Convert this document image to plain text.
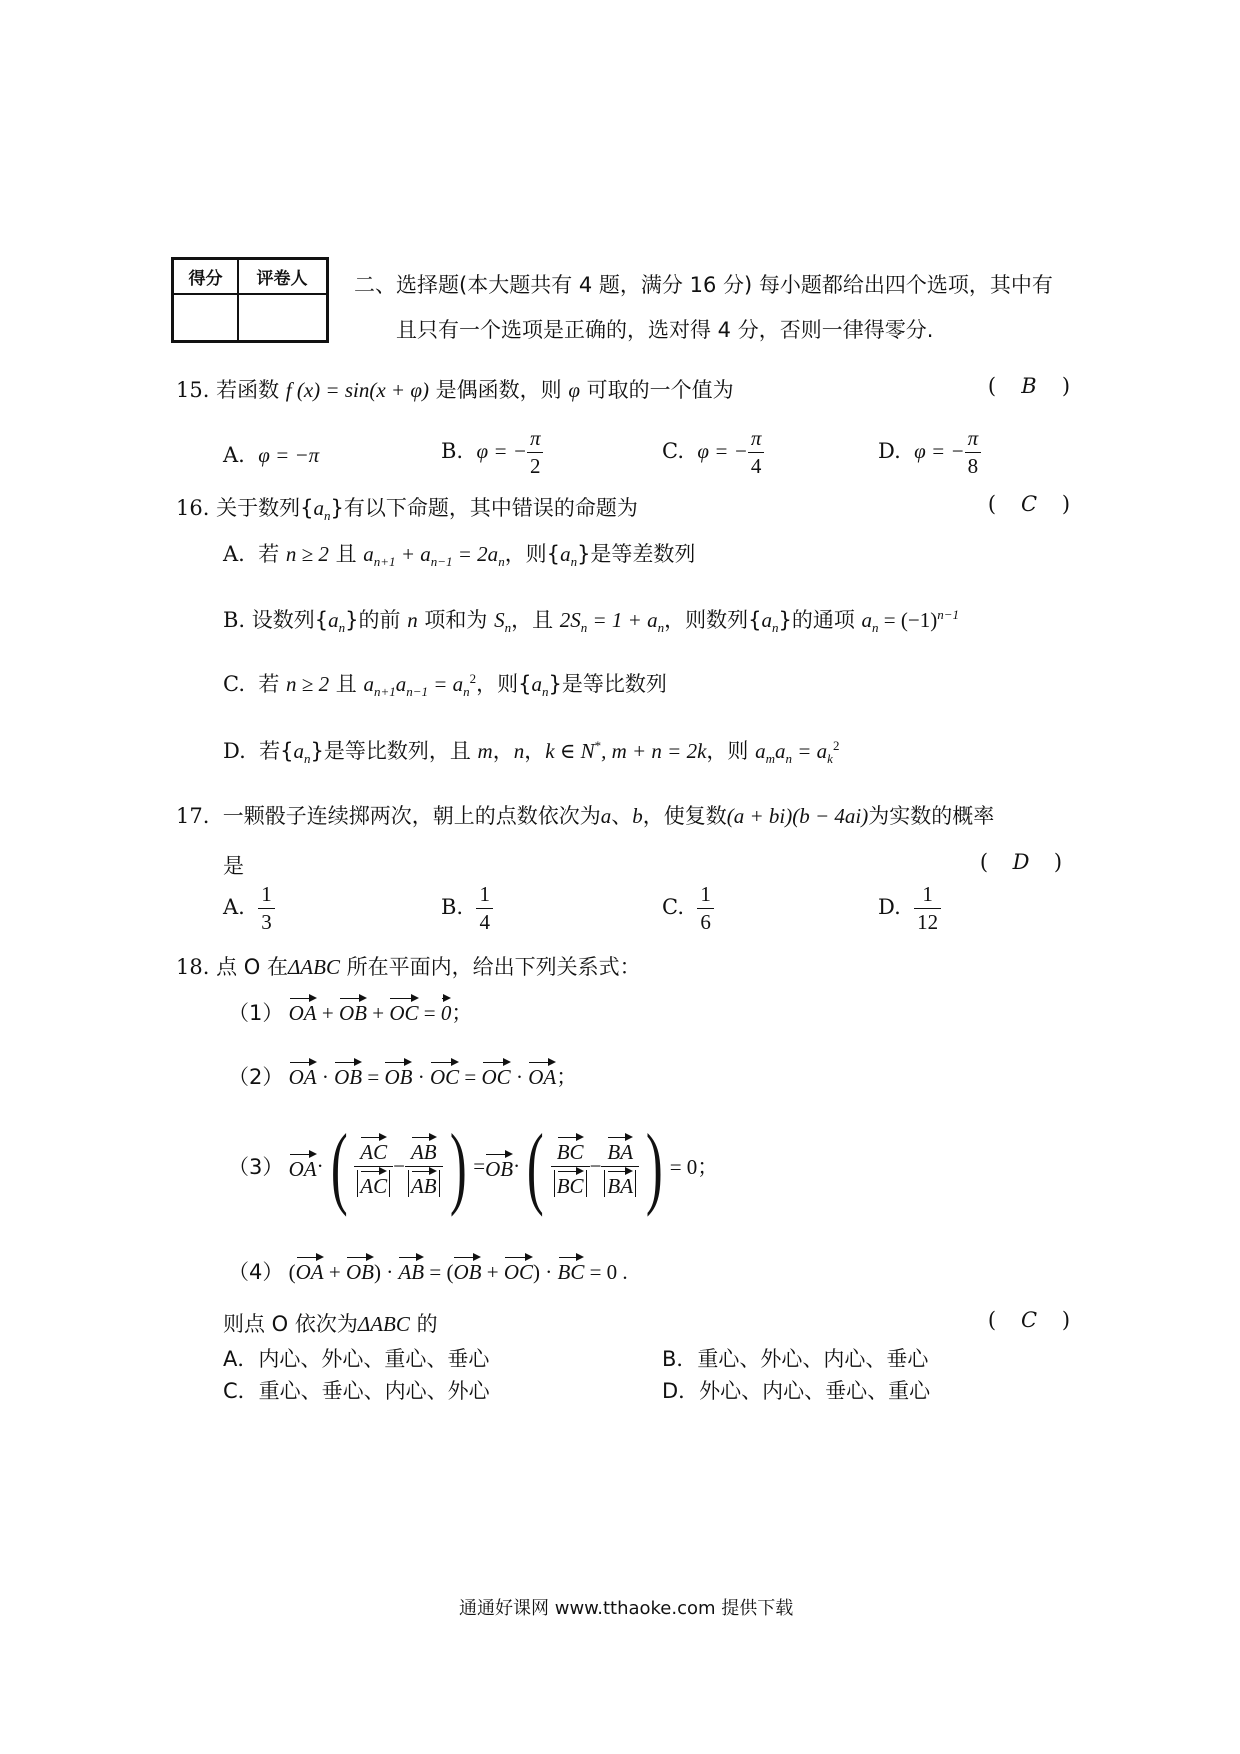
得分	评卷人	二、选择题(本大题共有 4 题，满分 16 分) 每小题都给出四个选项，其中有
且只有一个选项是正确的，选对得 4 分，否则一律得零分.
15. 若函数 f (x) = sin(x + φ) 是偶函数，则 φ 可取的一个值为	( B )
A. φ = −π	B. φ = − $\frac{\pi}{2}$	C. φ = − $\frac{\pi}{4}$	D. φ = − $\frac{\pi}{8}$
16. 关于数列$\{a_n\}$有以下命题，其中错误的命题为	( C )
A. 若 n ≥ 2 且 $a_{n+1} + a_{n-1} = 2a_n$，则$\{a_n\}$是等差数列
B. 设数列$\{a_n\}$的前 n 项和为 $S_n$，且 $2S_n = 1 + a_n$，则数列$\{a_n\}$的通项 $a_n = (-1)^{n-1}$
C. 若 n ≥ 2 且 $a_{n+1}a_{n-1} = a_n^2$，则$\{a_n\}$是等比数列
D. 若$\{a_n\}$是等比数列，且 m，n，k ∈ N*, m + n = 2k，则 $a_ma_n = a_k^2$
17. 一颗骰子连续掷两次，朝上的点数依次为a、b，使复数(a + bi)(b − 4ai)为实数的概率
是	( D )
A. $\frac{1}{3}$	B. $\frac{1}{4}$	C. $\frac{1}{6}$	D. $\frac{1}{12}$
18. 点 O 在ΔABC 所在平面内，给出下列关系式：
（1） OA + OB + OC = 0；
（2） OA · OB = OB · OC = OC · OA；
（3）
OA · ( $\frac{AC}{AC} - \frac{AB}{AB}$ ) = OB · ( $\frac{BC}{BC} - \frac{BA}{BA}$ ) = 0；
（4） (OA + OB) · AB = (OB + OC) · BC = 0 .
则点 O 依次为ΔABC 的	( C )
A．内心、外心、重心、垂心	B．重心、外心、内心、垂心
C．重心、垂心、内心、外心	D．外心、内心、垂心、重心
通通好课网 www.tthaoke.com 提供下载
